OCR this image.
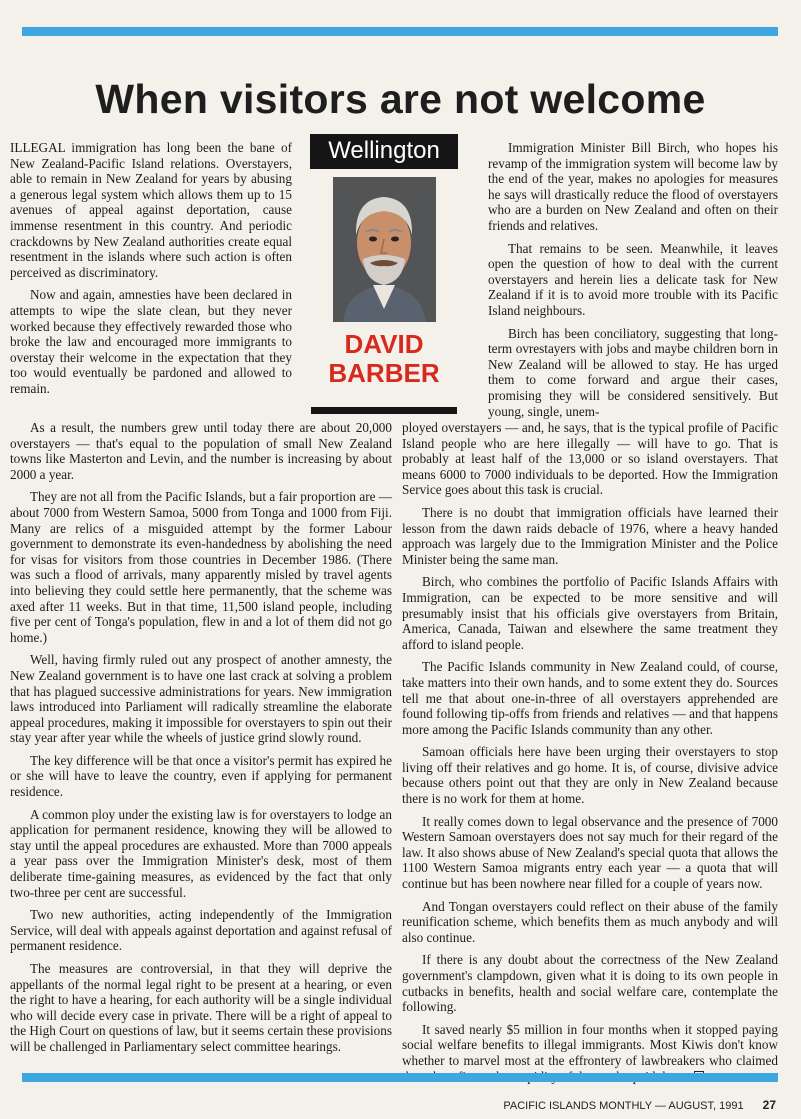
When visitors are not welcome

ILLEGAL immigration has long been the bane of New Zealand-Pacific Island relations. Overstayers, able to remain in New Zealand for years by abusing a generous legal system which allows them up to 15 avenues of appeal against deportation, cause immense resentment in this country. And periodic crackdowns by New Zealand authorities create equal resentment in the islands where such action is often perceived as discriminatory.

Now and again, amnesties have been declared in attempts to wipe the slate clean, but they never worked because they effectively rewarded those who broke the law and encouraged more immigrants to overstay their welcome in the expectation that they too would eventually be pardoned and allowed to remain.

Wellington
DAVID
BARBER

Immigration Minister Bill Birch, who hopes his revamp of the immigration system will become law by the end of the year, makes no apologies for measures he says will drastically reduce the flood of overstayers who are a burden on New Zealand and often on their friends and relatives.

That remains to be seen. Meanwhile, it leaves open the question of how to deal with the current overstayers and herein lies a delicate task for New Zealand if it is to avoid more trouble with its Pacific Island neighbours.

Birch has been conciliatory, suggesting that long-term ovrestayers with jobs and maybe children born in New Zealand will be allowed to stay. He has urged them to come forward and argue their cases, promising they will be considered sensitively. But young, single, unem-

As a result, the numbers grew until today there are about 20,000 overstayers — that's equal to the population of small New Zealand towns like Masterton and Levin, and the number is increasing by about 2000 a year.

They are not all from the Pacific Islands, but a fair proportion are — about 7000 from Western Samoa, 5000 from Tonga and 1000 from Fiji. Many are relics of a misguided attempt by the former Labour government to demonstrate its even-handedness by abolishing the need for visas for visitors from those countries in December 1986. (There was such a flood of arrivals, many apparently misled by travel agents into believing they could settle here permanently, that the scheme was axed after 11 weeks. But in that time, 11,500 island people, including five per cent of Tonga's population, flew in and a lot of them did not go home.)

Well, having firmly ruled out any prospect of another amnesty, the New Zealand government is to have one last crack at solving a problem that has plagued successive administrations for years. New immigration laws introduced into Parliament will radically streamline the elaborate appeal procedures, making it impossible for overstayers to spin out their stay year after year while the wheels of justice grind slowly round.

The key difference will be that once a visitor's permit has expired he or she will have to leave the country, even if applying for permanent residence.

A common ploy under the existing law is for overstayers to lodge an application for permanent residence, knowing they will be allowed to stay until the appeal procedures are exhausted. More than 7000 appeals a year pass over the Immigration Minister's desk, most of them deliberate time-gaining measures, as evidenced by the fact that only two-three per cent are successful.

Two new authorities, acting independently of the Immigration Service, will deal with appeals against deportation and against refusal of permanent residence.

The measures are controversial, in that they will deprive the appellants of the normal legal right to be present at a hearing, or even the right to have a hearing, for each authority will be a single individual who will decide every case in private. There will be a right of appeal to the High Court on questions of law, but it seems certain these provisions will be challenged in Parliamentary select committee hearings.

ployed overstayers — and, he says, that is the typical profile of Pacific Island people who are here illegally — will have to go. That is probably at least half of the 13,000 or so island overstayers. That means 6000 to 7000 individuals to be deported. How the Immigration Service goes about this task is crucial.

There is no doubt that immigration officials have learned their lesson from the dawn raids debacle of 1976, where a heavy handed approach was largely due to the Immigration Minister and the Police Minister being the same man.

Birch, who combines the portfolio of Pacific Islands Affairs with Immigration, can be expected to be more sensitive and will presumably insist that his officials give overstayers from Britain, America, Canada, Taiwan and elsewhere the same treatment they afford to island people.

The Pacific Islands community in New Zealand could, of course, take matters into their own hands, and to some extent they do. Sources tell me that about one-in-three of all overstayers apprehended are found following tip-offs from friends and relatives — and that happens more among the Pacific Islands community than any other.

Samoan officials here have been urging their overstayers to stop living off their relatives and go home. It is, of course, divisive advice because others point out that they are only in New Zealand because there is no work for them at home.

It really comes down to legal observance and the presence of 7000 Western Samoan overstayers does not say much for their regard of the law. It also shows abuse of New Zealand's special quota that allows the 1100 Western Samoa migrants entry each year — a quota that will continue but has been nowhere near filled for a couple of years now.

And Tongan overstayers could reflect on their abuse of the family reunification scheme, which benefits them as much anybody and will also continue.

If there is any doubt about the correctness of the New Zealand government's clampdown, given what it is doing to its own people in cutbacks in benefits, health and social welfare care, contemplate the following.

It saved nearly $5 million in four months when it stopped paying social welfare benefits to illegal immigrants. Most Kiwis don't know whether to marvel most at the effrontery of lawbreakers who claimed

PACIFIC ISLANDS MONTHLY — AUGUST, 1991 27
